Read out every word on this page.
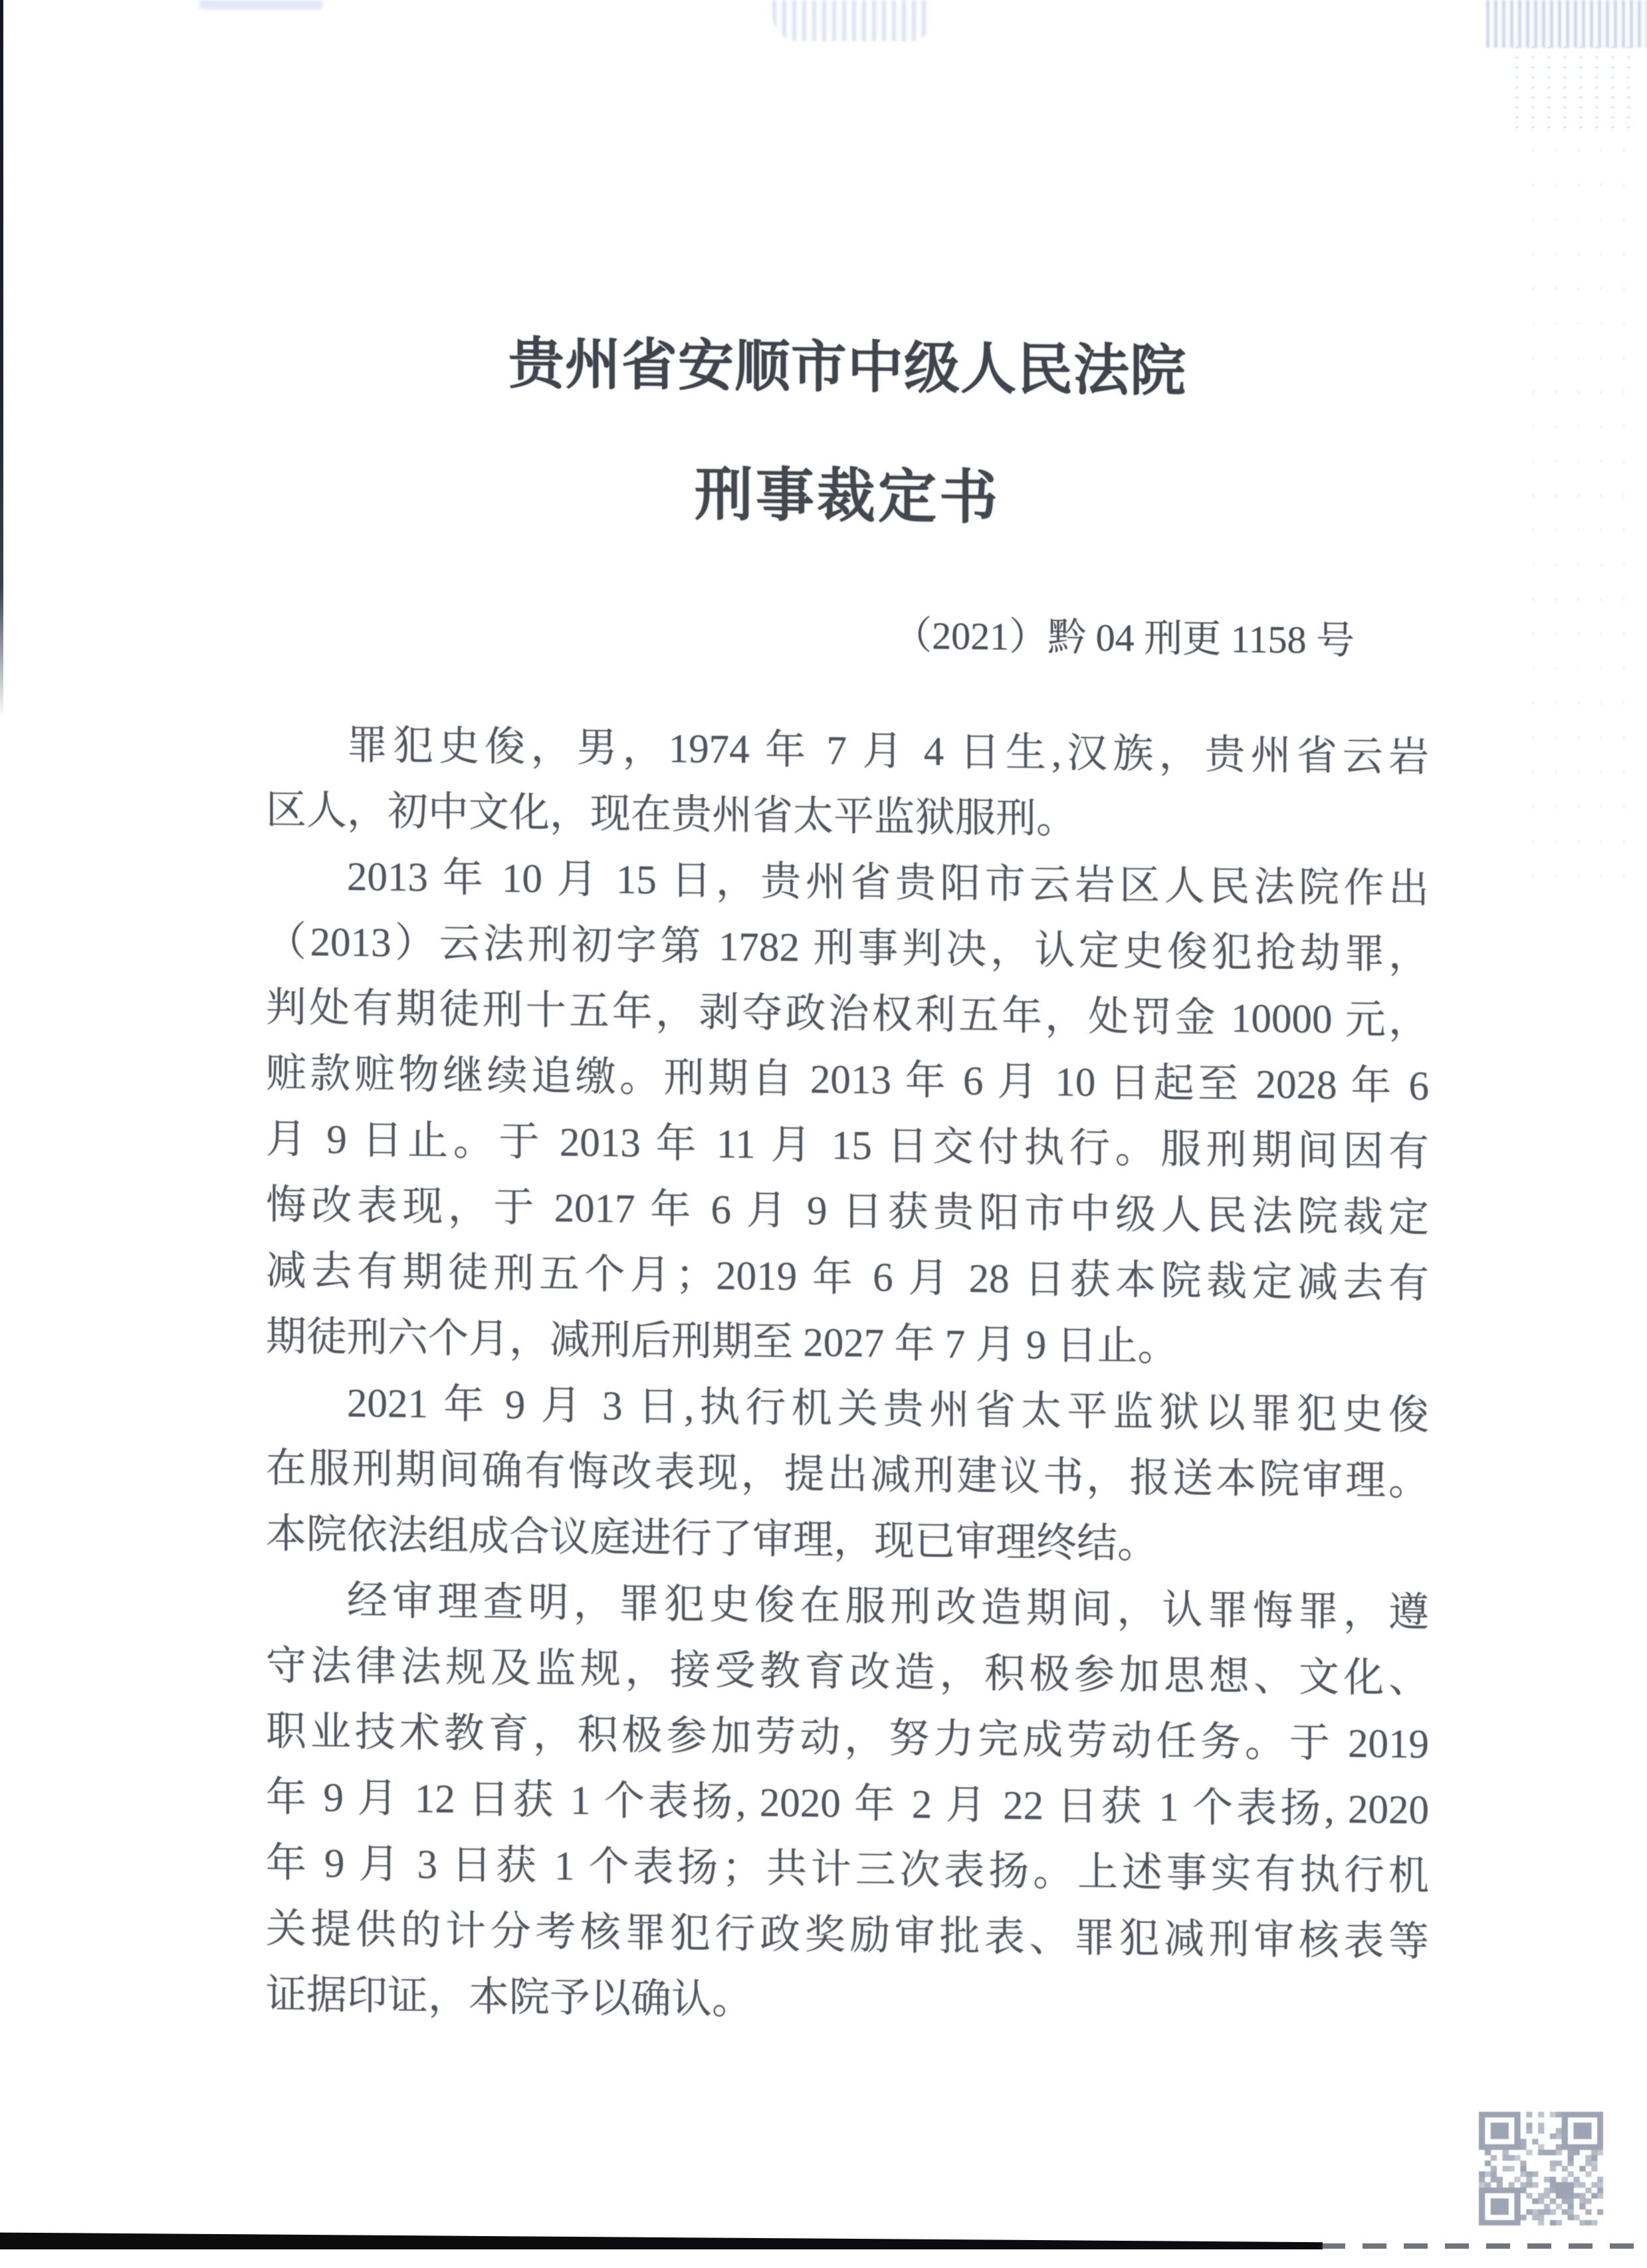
贵州省安顺市中级人民法院
刑事裁定书
（2021）黔 04 刑更 1158 号
罪犯史俊，男，1974 年 7 月 4 日生,汉族，贵州省云岩
区人，初中文化，现在贵州省太平监狱服刑。
2013 年 10 月 15 日，贵州省贵阳市云岩区人民法院作出
（2013）云法刑初字第 1782 刑事判决，认定史俊犯抢劫罪，
判处有期徒刑十五年，剥夺政治权利五年，处罚金 10000 元，
赃款赃物继续追缴。刑期自 2013 年 6 月 10 日起至 2028 年 6
月 9 日止。于 2013 年 11 月 15 日交付执行。服刑期间因有
悔改表现，于 2017 年 6 月 9 日获贵阳市中级人民法院裁定
减去有期徒刑五个月；2019 年 6 月 28 日获本院裁定减去有
期徒刑六个月，减刑后刑期至 2027 年 7 月 9 日止。
2021 年 9 月 3 日,执行机关贵州省太平监狱以罪犯史俊
在服刑期间确有悔改表现，提出减刑建议书，报送本院审理。
本院依法组成合议庭进行了审理，现已审理终结。
经审理查明，罪犯史俊在服刑改造期间，认罪悔罪，遵
守法律法规及监规，接受教育改造，积极参加思想、文化、
职业技术教育，积极参加劳动，努力完成劳动任务。于 2019
年 9 月 12 日获 1 个表扬, 2020 年 2 月 22 日获 1 个表扬, 2020
年 9 月 3 日获 1 个表扬；共计三次表扬。上述事实有执行机
关提供的计分考核罪犯行政奖励审批表、罪犯减刑审核表等
证据印证，本院予以确认。
